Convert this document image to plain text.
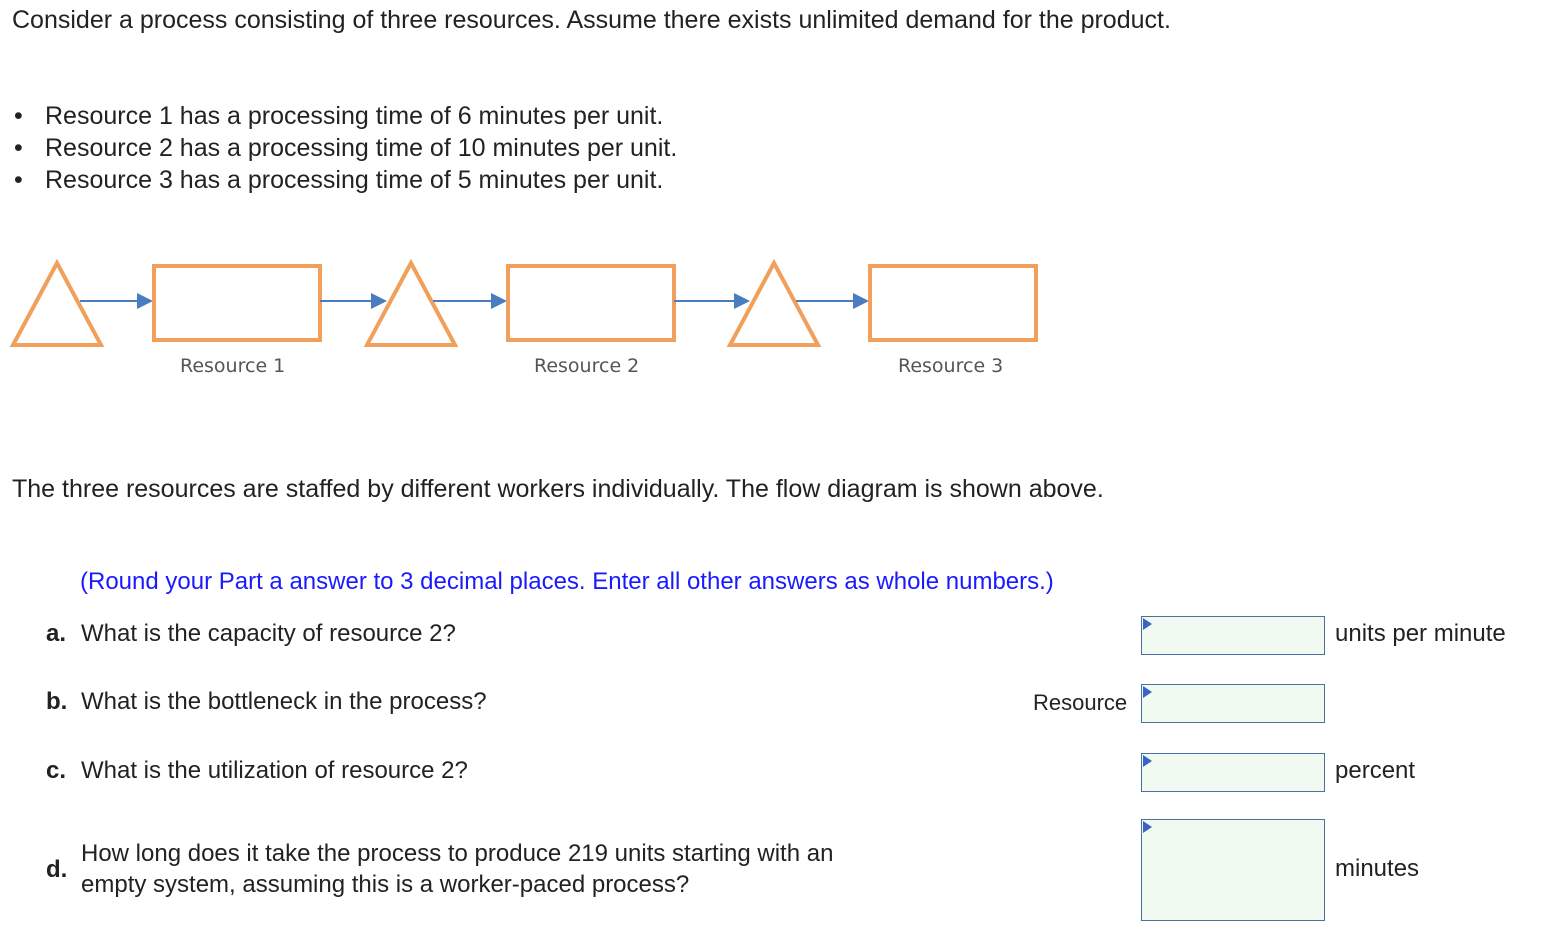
Consider a process consisting of three resources. Assume there exists unlimited demand for the product.

• Resource 1 has a processing time of 6 minutes per unit.
• Resource 2 has a processing time of 10 minutes per unit.
• Resource 3 has a processing time of 5 minutes per unit.
Resource 1	Resource 2	Resource 3

The three resources are staffed by different workers individually. The flow diagram is shown above.

(Round your Part a answer to 3 decimal places. Enter all other answers as whole numbers.)

a. What is the capacity of resource 2?	units per minute
b. What is the bottleneck in the process?	Resource
c. What is the utilization of resource 2?	percent
d.
How long does it take the process to produce 219 units starting with an
empty system, assuming this is a worker-paced process?
minutes
